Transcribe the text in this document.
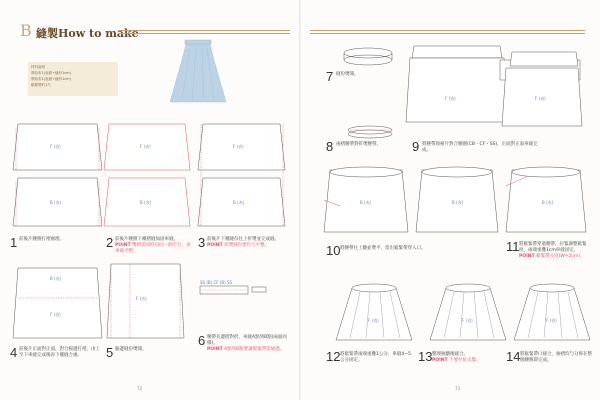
B 縫製How to make
材料說明
帶結布1(表面+縫份1cm)
帶結布1(表面+縫份1cm)
鬆緊帶約1尺
F (表)
B (表)
F (表)
B (表)
F (表)
B (表)
B (表)
F (表)
F (表)
F (表)	F (表)
B (表)	B (表)	B (表)
F (表)	F (表)	F (表)
SS (B) CF (B) SS
1 前後片腰圍打褶處理。	2 前後片腰圍下襬褶縫加固車縫。
POINT 雙褶需同時向同一側平行，須車縫平整。
3 前後片下襬縫份往上折燙並完成縫。
POINT 折燙縫份要均勻平整。
4 前後片正面對正面，對合脇邊打褶，由上至下車縫完成後再下襬縫合處。	5 脇邊縫份燙開。
6 腰帶長邊摺對折，車縫A點到B點(兩面同樣)。
POINT A點到B點要讓鬆緊帶能通過。
7 縫份燙開。
8 兩褶腰帶對折燙腰帶。	9 將腰帶與裙片對合腰圍(CB・CF・SS)，正面對正面車縫完成。
10 將腰帶往上翻並燙平，留出鬆緊帶穿入口。	11 將鬆緊帶穿過腰帶，拉緊調整鬆緊度，兩端重疊1cm車縫固定。
POINT 鬆緊帶長度(W+2cm)。
12 將鬆緊帶兩端重疊1公分，車縫4~5公分固定。	13 整理抽皺後縫合。
POINT 不要拉扯太緊。	14 將鬆緊帶口縫合，抽褶均勻分佈在整個腰圍即完成。
72	73
